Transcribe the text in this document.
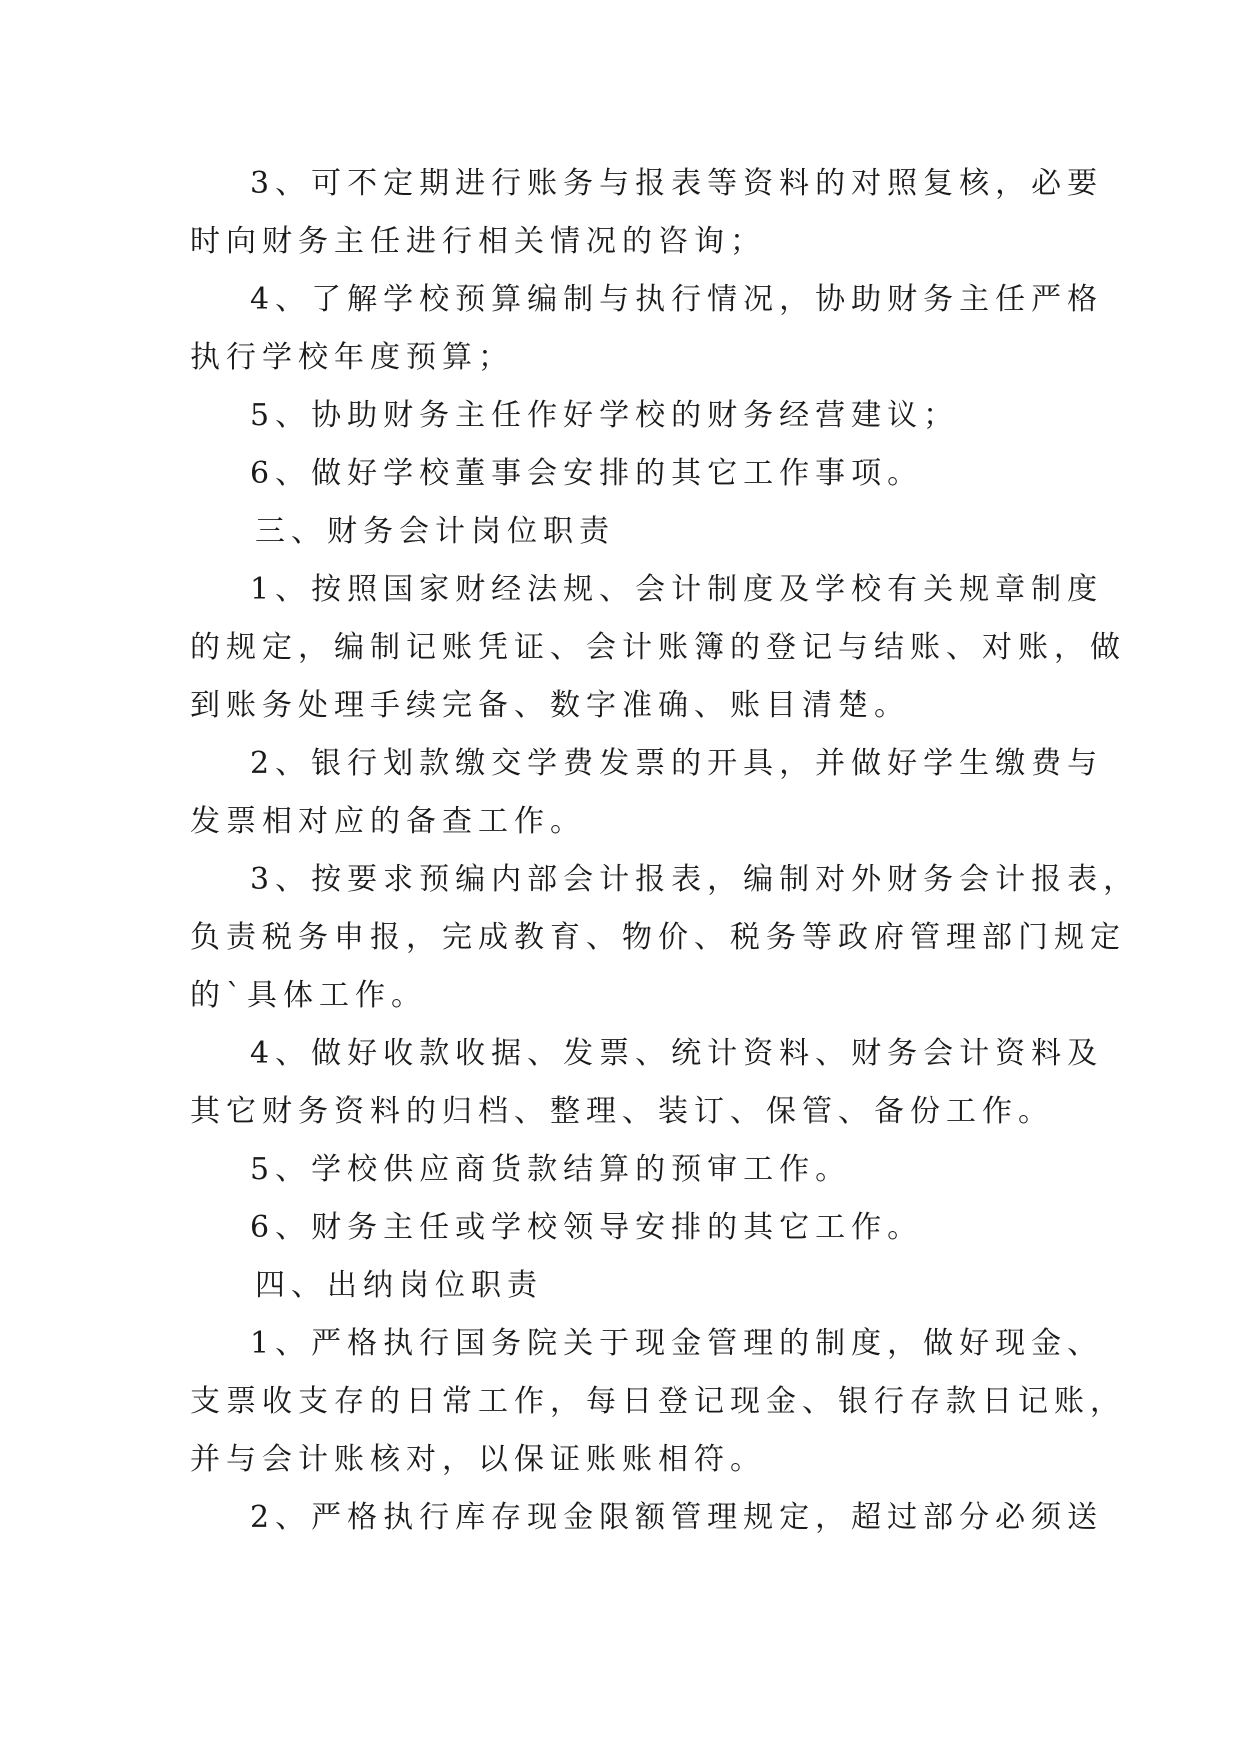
3、可不定期进行账务与报表等资料的对照复核，必要
时向财务主任进行相关情况的咨询；
4、了解学校预算编制与执行情况，协助财务主任严格
执行学校年度预算；
5、协助财务主任作好学校的财务经营建议；
6、做好学校董事会安排的其它工作事项。
三、财务会计岗位职责
1、按照国家财经法规、会计制度及学校有关规章制度
的规定，编制记账凭证、会计账簿的登记与结账、对账，做
到账务处理手续完备、数字准确、账目清楚。
2、银行划款缴交学费发票的开具，并做好学生缴费与
发票相对应的备查工作。
3、按要求预编内部会计报表，编制对外财务会计报表，
负责税务申报，完成教育、物价、税务等政府管理部门规定
的`具体工作。
4、做好收款收据、发票、统计资料、财务会计资料及
其它财务资料的归档、整理、装订、保管、备份工作。
5、学校供应商货款结算的预审工作。
6、财务主任或学校领导安排的其它工作。
四、出纳岗位职责
1、严格执行国务院关于现金管理的制度，做好现金、
支票收支存的日常工作，每日登记现金、银行存款日记账，
并与会计账核对，以保证账账相符。
2、严格执行库存现金限额管理规定，超过部分必须送
